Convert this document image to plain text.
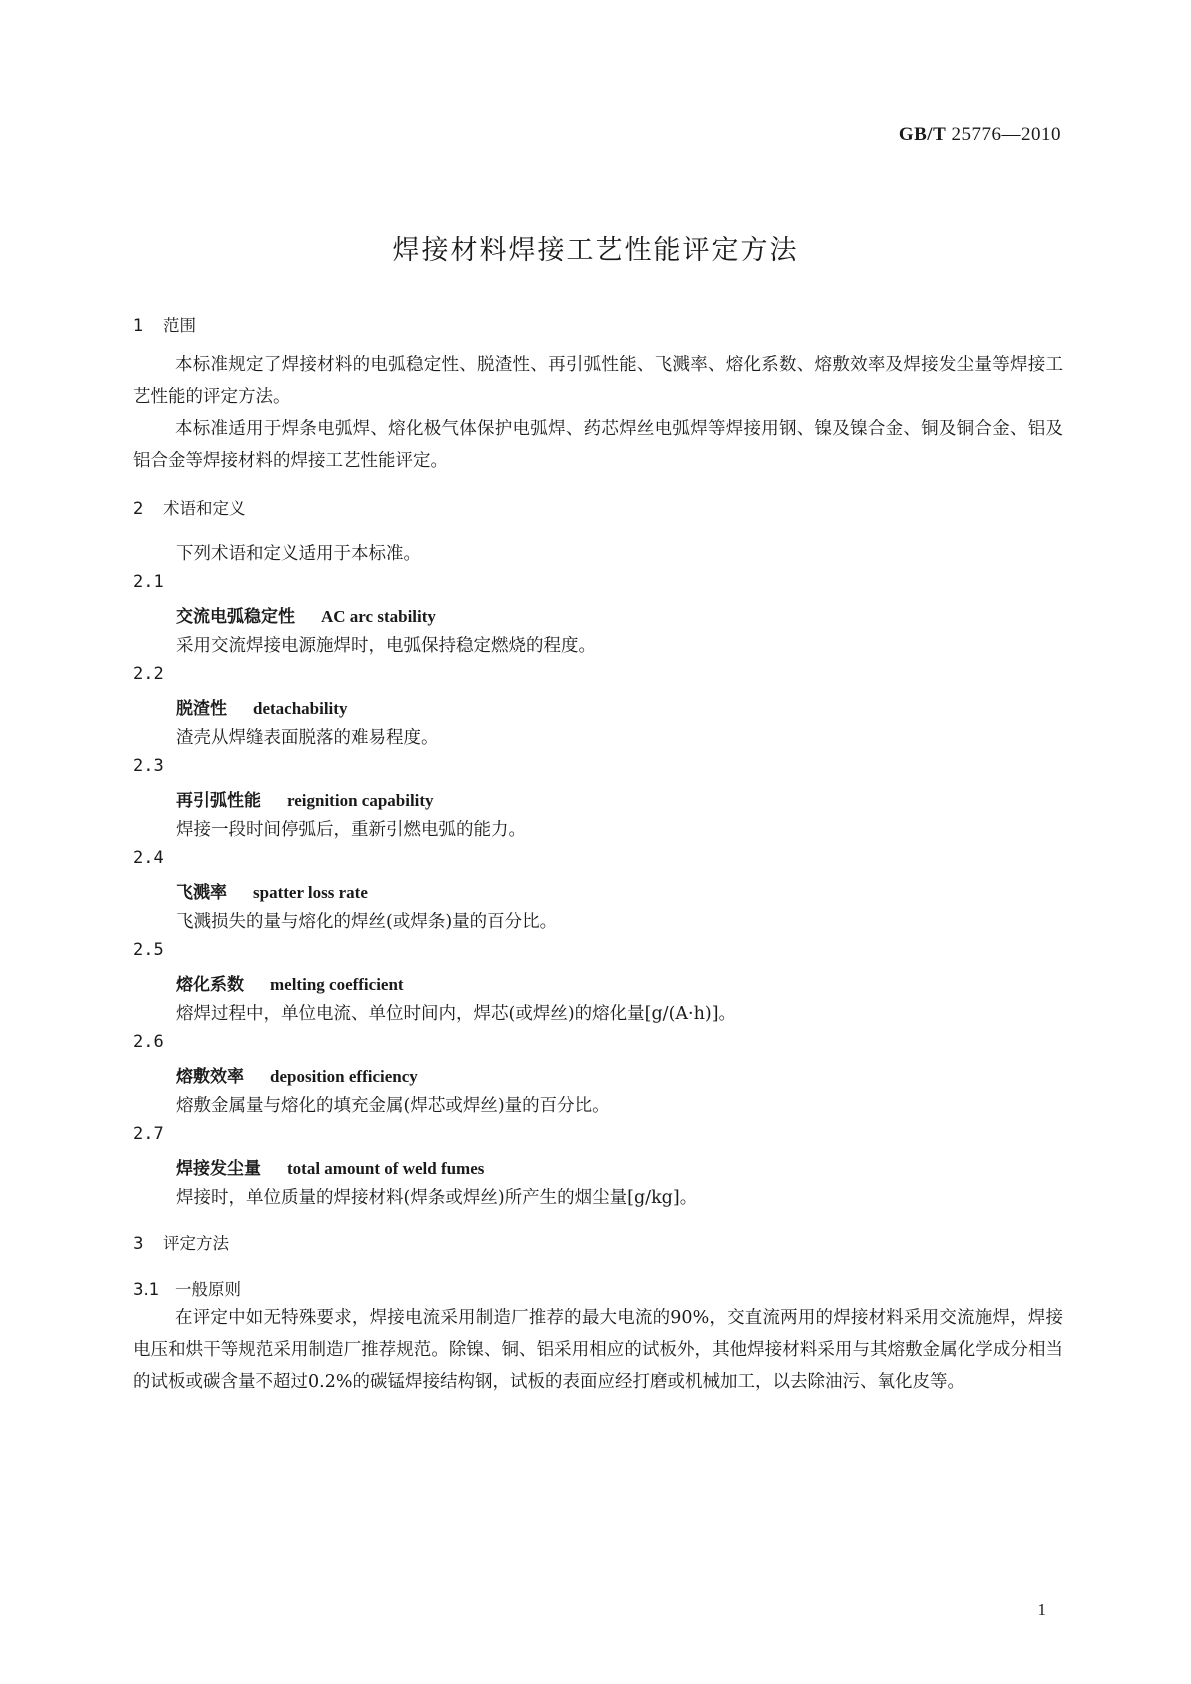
GB/T 25776—2010
焊接材料焊接工艺性能评定方法
1 范围
本标准规定了焊接材料的电弧稳定性、脱渣性、再引弧性能、飞溅率、熔化系数、熔敷效率及焊接发尘量等焊接工艺性能的评定方法。
本标准适用于焊条电弧焊、熔化极气体保护电弧焊、药芯焊丝电弧焊等焊接用钢、镍及镍合金、铜及铜合金、铝及铝合金等焊接材料的焊接工艺性能评定。
2 术语和定义
下列术语和定义适用于本标准。
2.1
交流电弧稳定性 AC arc stability
采用交流焊接电源施焊时，电弧保持稳定燃烧的程度。
2.2
脱渣性 detachability
渣壳从焊缝表面脱落的难易程度。
2.3
再引弧性能 reignition capability
焊接一段时间停弧后，重新引燃电弧的能力。
2.4
飞溅率 spatter loss rate
飞溅损失的量与熔化的焊丝(或焊条)量的百分比。
2.5
熔化系数 melting coefficient
熔焊过程中，单位电流、单位时间内，焊芯(或焊丝)的熔化量[g/(A·h)]。
2.6
熔敷效率 deposition efficiency
熔敷金属量与熔化的填充金属(焊芯或焊丝)量的百分比。
2.7
焊接发尘量 total amount of weld fumes
焊接时，单位质量的焊接材料(焊条或焊丝)所产生的烟尘量[g/kg]。
3 评定方法
3.1 一般原则
在评定中如无特殊要求，焊接电流采用制造厂推荐的最大电流的90%，交直流两用的焊接材料采用交流施焊，焊接电压和烘干等规范采用制造厂推荐规范。除镍、铜、铝采用相应的试板外，其他焊接材料采用与其熔敷金属化学成分相当的试板或碳含量不超过0.2%的碳锰焊接结构钢，试板的表面应经打磨或机械加工，以去除油污、氧化皮等。
1
